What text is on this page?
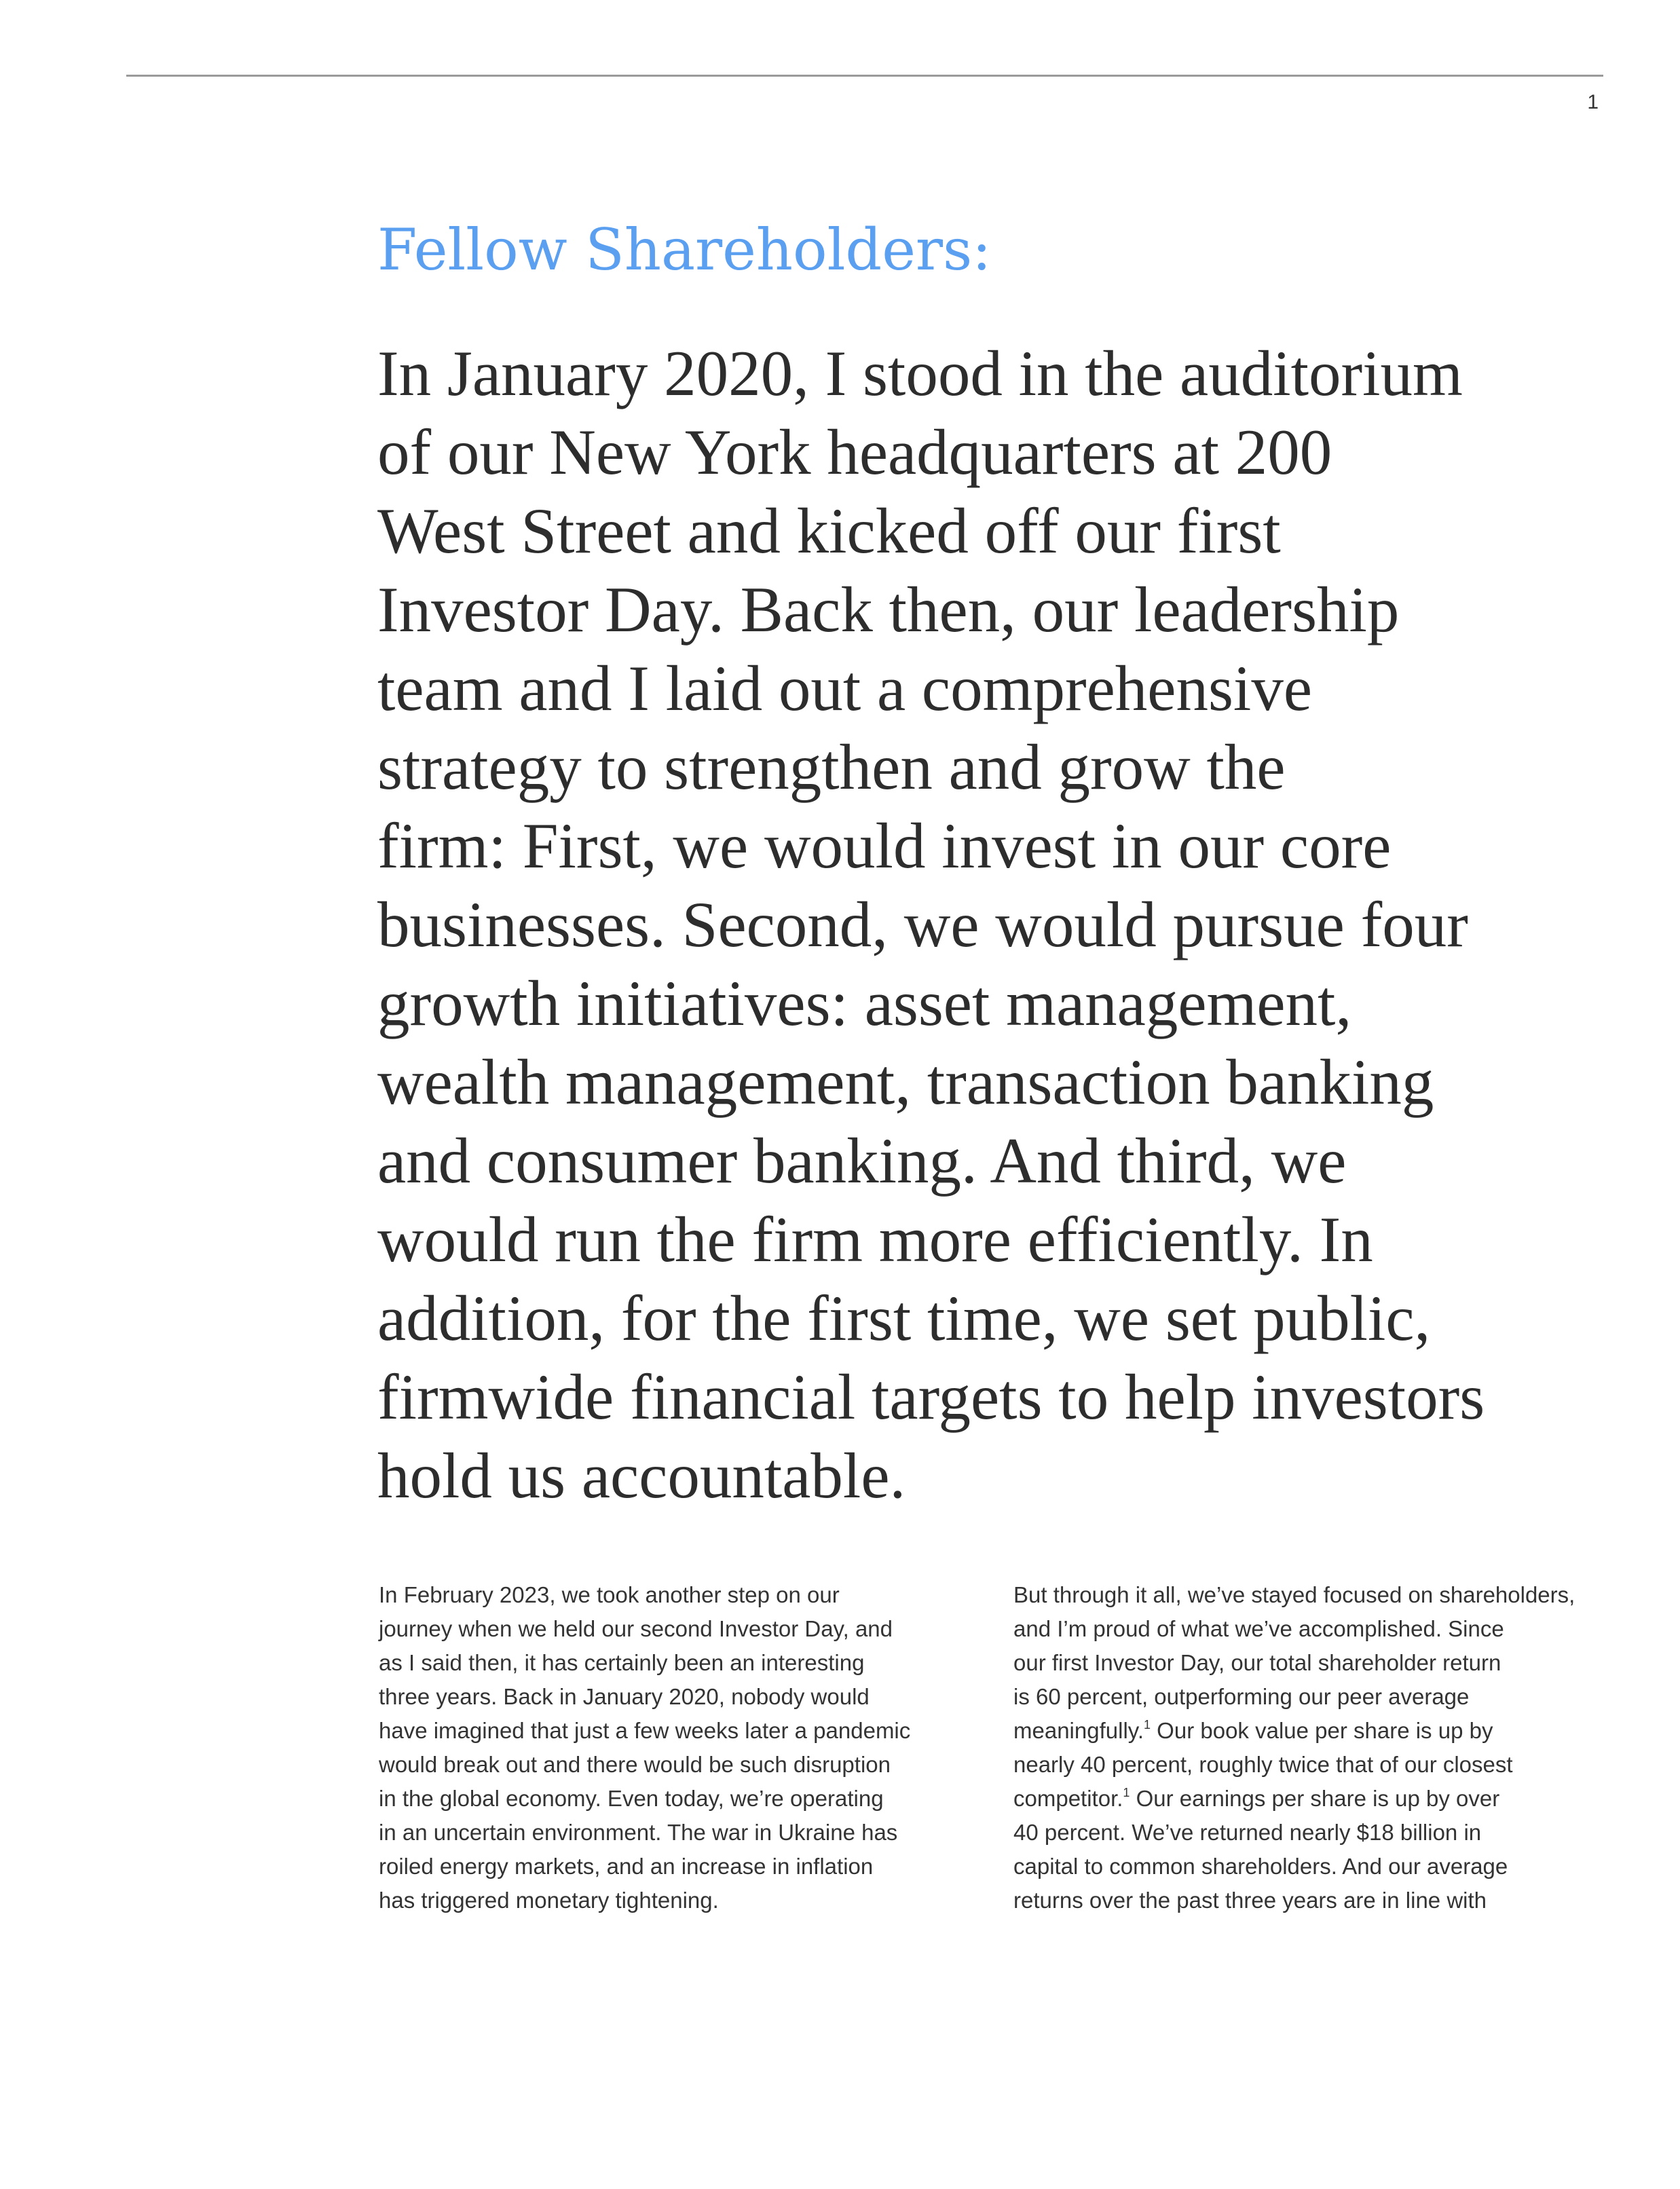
1
Fellow Shareholders:

In January 2020, I stood in the auditorium
of our New York headquarters at 200
West Street and kicked off our first
Investor Day. Back then, our leadership
team and I laid out a comprehensive
strategy to strengthen and grow the
firm: First, we would invest in our core
businesses. Second, we would pursue four
growth initiatives: asset management,
wealth management, transaction banking
and consumer banking. And third, we
would run the firm more efficiently. In
addition, for the first time, we set public,
firmwide financial targets to help investors
hold us accountable.

In February 2023, we took another step on our
journey when we held our second Investor Day, and
as I said then, it has certainly been an interesting
three years. Back in January 2020, nobody would
have imagined that just a few weeks later a pandemic
would break out and there would be such disruption
in the global economy. Even today, we’re operating
in an uncertain environment. The war in Ukraine has
roiled energy markets, and an increase in inflation
has triggered monetary tightening.

But through it all, we’ve stayed focused on shareholders,
and I’m proud of what we’ve accomplished. Since
our first Investor Day, our total shareholder return
is 60 percent, outperforming our peer average
meaningfully.$^1$ Our book value per share is up by
nearly 40 percent, roughly twice that of our closest
competitor.$^1$ Our earnings per share is up by over
40 percent. We’ve returned nearly $18 billion in
capital to common shareholders. And our average
returns over the past three years are in line with
